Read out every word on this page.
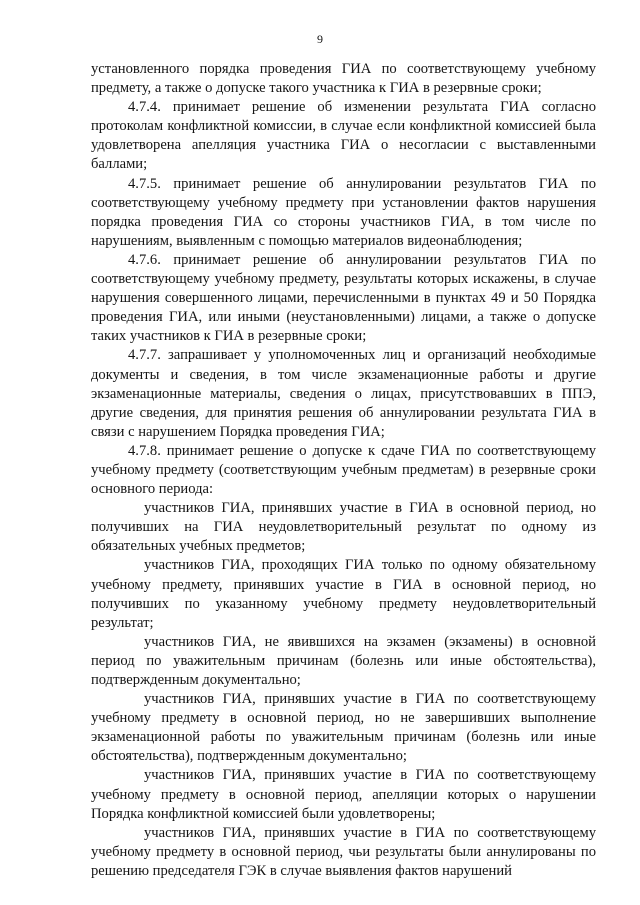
9

установленного порядка проведения ГИА по соответствующему учебному предмету, а также о допуске такого участника к ГИА в резервные сроки;

4.7.4. принимает решение об изменении результата ГИА согласно протоколам конфликтной комиссии, в случае если конфликтной комиссией была удовлетворена апелляция участника ГИА о несогласии с выставленными баллами;

4.7.5. принимает решение об аннулировании результатов ГИА по соответствующему учебному предмету при установлении фактов нарушения порядка проведения ГИА со стороны участников ГИА, в том числе по нарушениям, выявленным с помощью материалов видеонаблюдения;

4.7.6. принимает решение об аннулировании результатов ГИА по соответствующему учебному предмету, результаты которых искажены, в случае нарушения совершенного лицами, перечисленными в пунктах 49 и 50 Порядка проведения ГИА, или иными (неустановленными) лицами, а также о допуске таких участников к ГИА в резервные сроки;

4.7.7. запрашивает у уполномоченных лиц и организаций необходимые документы и сведения, в том числе экзаменационные работы и другие экзаменационные материалы, сведения о лицах, присутствовавших в ППЭ, другие сведения, для принятия решения об аннулировании результата ГИА в связи с нарушением Порядка проведения ГИА;

4.7.8. принимает решение о допуске к сдаче ГИА по соответствующему учебному предмету (соответствующим учебным предметам) в резервные сроки основного периода:

участников ГИА, принявших участие в ГИА в основной период, но получивших на ГИА неудовлетворительный результат по одному из обязательных учебных предметов;

участников ГИА, проходящих ГИА только по одному обязательному учебному предмету, принявших участие в ГИА в основной период, но получивших по указанному учебному предмету неудовлетворительный результат;

участников ГИА, не явившихся на экзамен (экзамены) в основной период по уважительным причинам (болезнь или иные обстоятельства), подтвержденным документально;

участников ГИА, принявших участие в ГИА по соответствующему учебному предмету в основной период, но не завершивших выполнение экзаменационной работы по уважительным причинам (болезнь или иные обстоятельства), подтвержденным документально;

участников ГИА, принявших участие в ГИА по соответствующему учебному предмету в основной период, апелляции которых о нарушении Порядка конфликтной комиссией были удовлетворены;

участников ГИА, принявших участие в ГИА по соответствующему учебному предмету в основной период, чьи результаты были аннулированы по решению председателя ГЭК в случае выявления фактов нарушений
